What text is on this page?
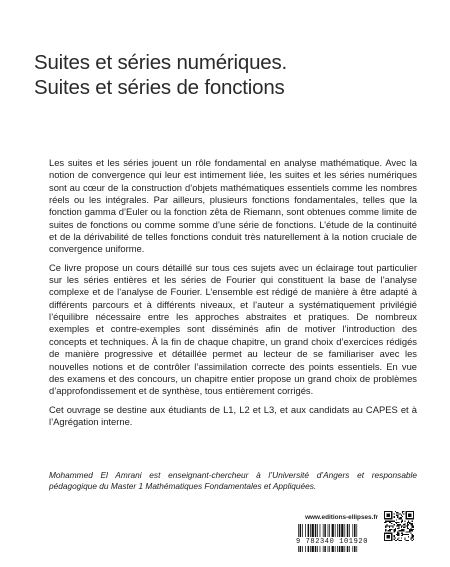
Suites et séries numériques.
Suites et séries de fonctions

Les suites et les séries jouent un rôle fondamental en analyse mathématique. Avec la notion de convergence qui leur est intimement liée, les suites et les séries numériques sont au cœur de la construction d’objets mathématiques essentiels comme les nombres réels ou les intégrales. Par ailleurs, plusieurs fonctions fondamentales, telles que la fonction gamma d’Euler ou la fonction zêta de Riemann, sont obtenues comme limite de suites de fonctions ou comme somme d’une série de fonctions. L’étude de la continuité et de la dérivabilité de telles fonctions conduit très naturellement à la notion cruciale de convergence uniforme.

Ce livre propose un cours détaillé sur tous ces sujets avec un éclairage tout particulier sur les séries entières et les séries de Fourier qui constituent la base de l’analyse complexe et de l’analyse de Fourier. L’ensemble est rédigé de manière à être adapté à différents parcours et à différents niveaux, et l’auteur a systématiquement privilégié l’équilibre nécessaire entre les approches abstraites et pratiques. De nombreux exemples et contre-exemples sont disséminés afin de motiver l’introduction des concepts et techniques. À la fin de chaque chapitre, un grand choix d’exercices rédigés de manière progressive et détaillée permet au lecteur de se familiariser avec les nouvelles notions et de contrôler l’assimilation correcte des points essentiels. En vue des examens et des concours, un chapitre entier propose un grand choix de problèmes d’approfondissement et de synthèse, tous entièrement corrigés.

Cet ouvrage se destine aux étudiants de L1, L2 et L3, et aux candidats au CAPES et à l’Agrégation interne.

Mohammed El Amrani est enseignant-chercheur à l’Université d’Angers et responsable pédagogique du Master 1 Mathématiques Fondamentales et Appliquées.
www.editions-ellipses.fr
9 782340 101920
